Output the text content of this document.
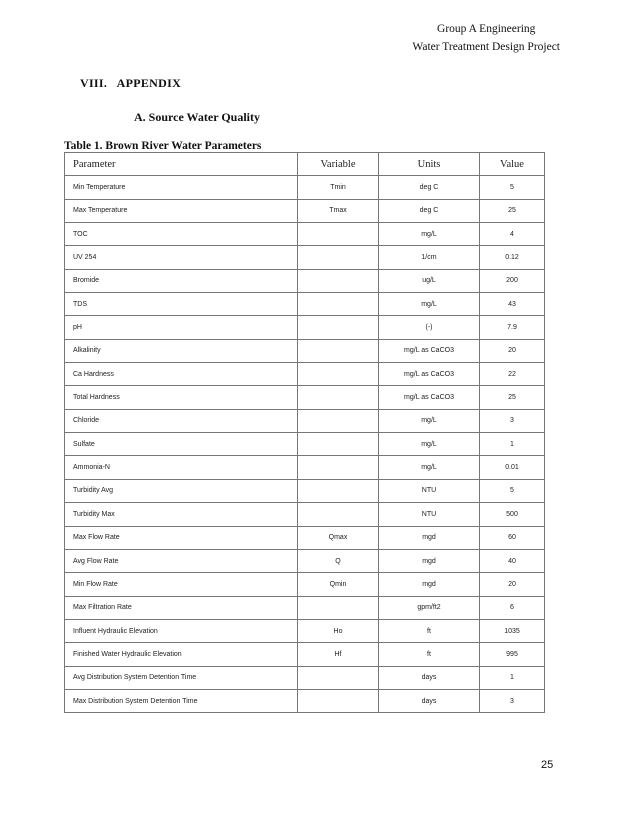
Group A Engineering
Water Treatment Design Project
VIII. APPENDIX
A. Source Water Quality
Table 1. Brown River Water Parameters
Parameter	Variable	Units	Value
Min Temperature	Tmin	deg C	5
Max Temperature	Tmax	deg C	25
TOC		mg/L	4
UV 254		1/cm	0.12
Bromide		ug/L	200
TDS		mg/L	43
pH		(-)	7.9
Alkalinity		mg/L as CaCO3	20
Ca Hardness		mg/L as CaCO3	22
Total Hardness		mg/L as CaCO3	25
Chloride		mg/L	3
Sulfate		mg/L	1
Ammonia-N		mg/L	0.01
Turbidity Avg		NTU	5
Turbidity Max		NTU	500
Max Flow Rate	Qmax	mgd	60
Avg Flow Rate	Q	mgd	40
Min Flow Rate	Qmin	mgd	20
Max Filtration Rate		gpm/ft2	6
Influent Hydraulic Elevation	Ho	ft	1035
Finished Water Hydraulic Elevation	Hf	ft	995
Avg Distribution System Detention Time		days	1
Max Distribution System Detention Time		days	3
25
